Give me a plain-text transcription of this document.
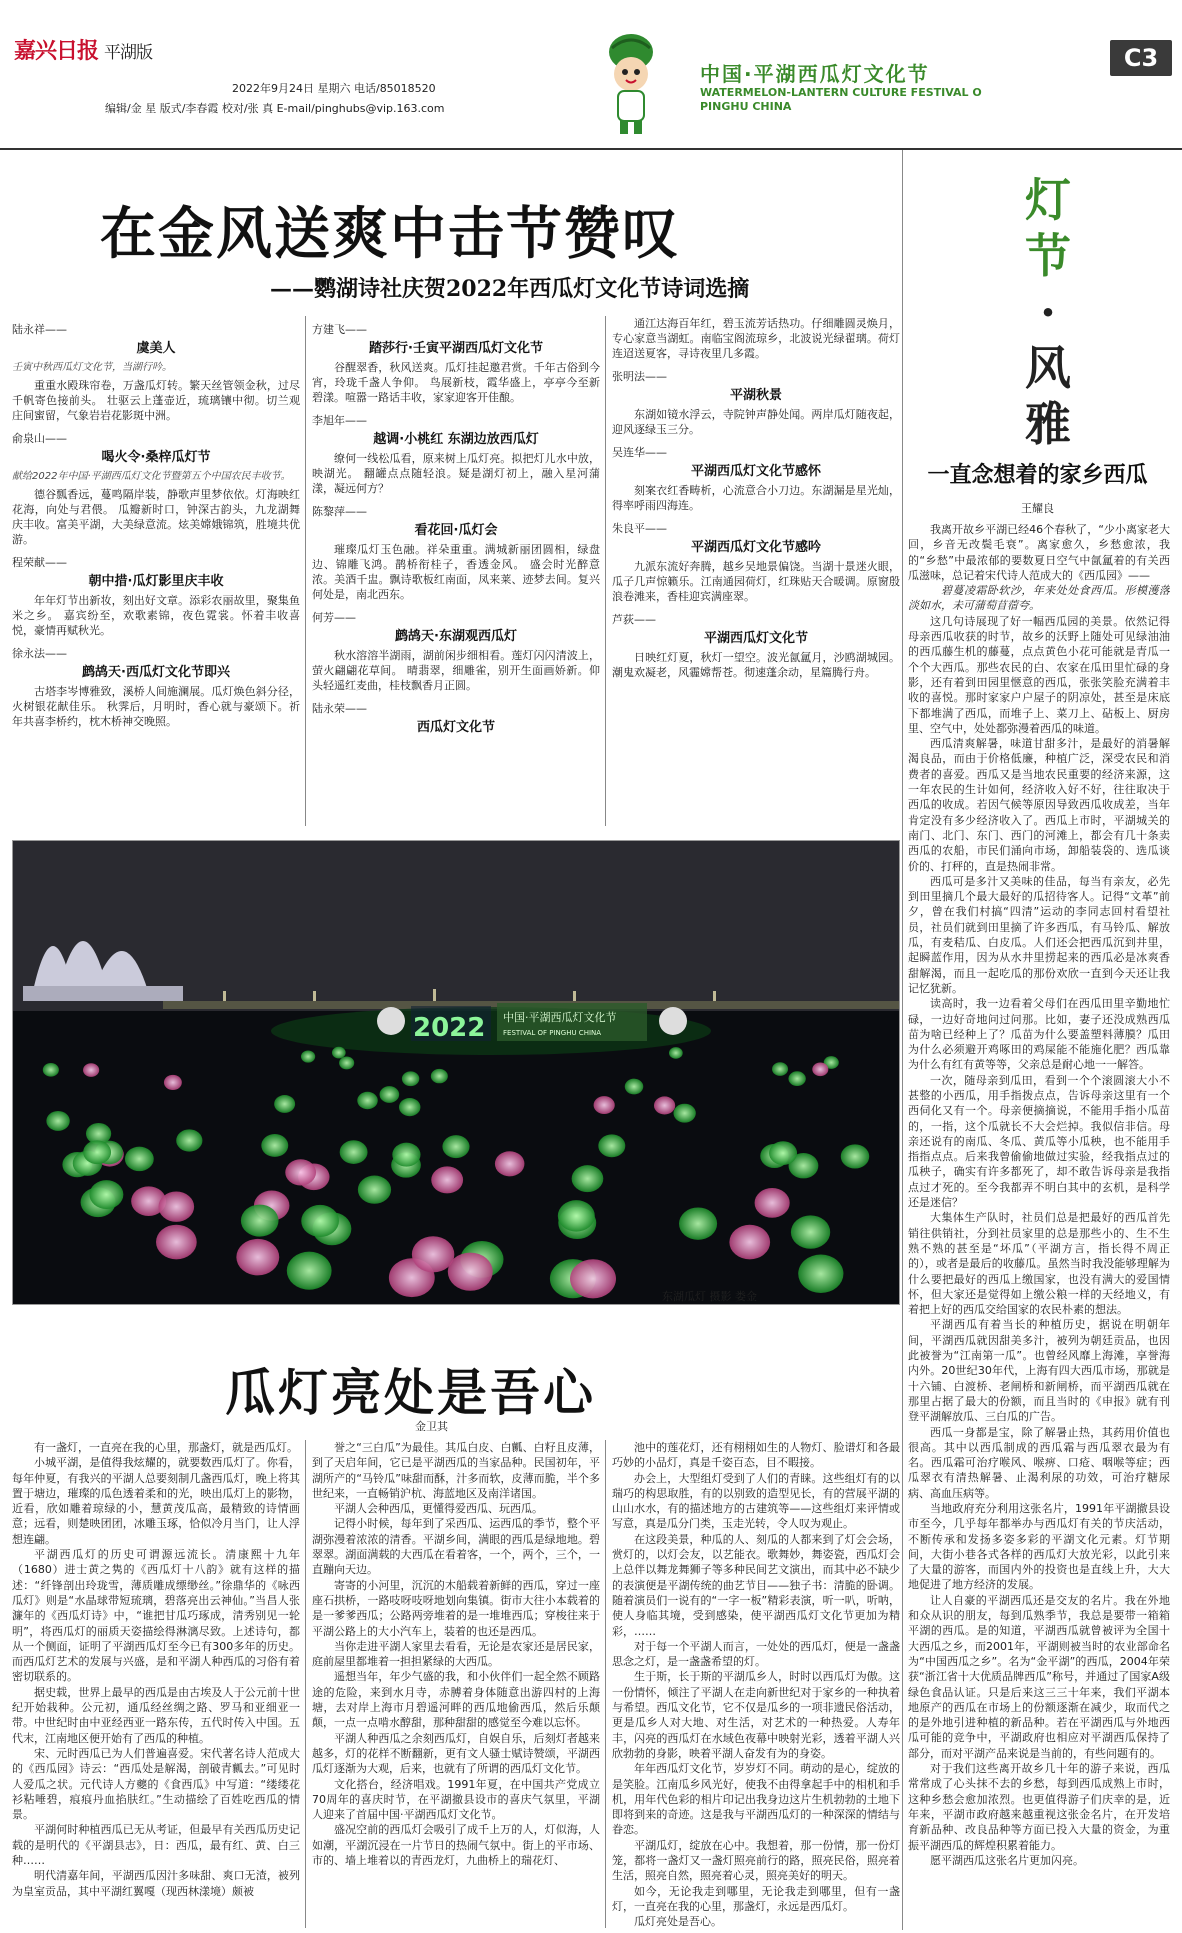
嘉兴日报 平湖版
2022年9月24日 星期六 电话/85018520
编辑/金 星 版式/李春霞 校对/张 真 E-mail/pinghubs@vip.163.com
中国·平湖西瓜灯文化节
WATERMELON-LANTERN CULTURE FESTIVAL O
PINGHU CHINA
C3
在金风送爽中击节赞叹
——鹦湖诗社庆贺2022年西瓜灯文化节诗词选摘
灯
节
·
风
雅
陆永祥——
虞美人
壬寅中秋西瓜灯文化节，当湖行吟。
重重水殿珠帘卷，万盏瓜灯转。繁天丝管领金秋，过尽千帆寄色接前头。 壮驱云上蓬壶近，琉璃镶中彻。切兰观庄间蜜留，气象岩岩花影斑中洲。
俞泉山——
喝火令·桑梓瓜灯节
献给2022年中国·平湖西瓜灯文化节暨第五个中国农民丰收节。
德谷瓢香远，蔓鸣隔岸装，静歌声里梦依依。灯海映红花海，向处与君偎。 瓜瓣新时口，钟深古韵头，九龙湖舞庆丰收。富美平湖，大美绿意流。炫美嫦娥锦筑，胜境共优游。
程荣献——
朝中措·瓜灯影里庆丰收
年年灯节出新妆，刻出好文章。添彩农丽故里，聚集鱼米之乡。 嘉宾纷至，欢歌素锦，夜色霓裳。怀着丰收喜悦，豪情再赋秋光。
徐永法——
鹧鸪天·西瓜灯文化节即兴
古塔李岑博雅致，溪桥人间施澜展。瓜灯焕色斜分径，火树银花献佳乐。 秋霁后，月明时，香心就与豪颂下。祈年共喜李桥约，枕木桥神交晚照。
方建飞——
踏莎行·壬寅平湖西瓜灯文化节
谷醒翠香，秋风送爽。瓜灯挂起邀君赏。千年古俗到今宵，玲珑千盏人争仰。 鸟展新枝，霞华盛上，亭亭今至新碧漾。喧嚣一路话丰收，家家迎客开佳酿。
李旭年——
越调·小桃红 东湖边放西瓜灯
缭何一线松瓜看，原来树上瓜灯亮。拟把灯儿水中放，映湖光。 翻罐点点随轻浪。疑是湖灯初上，融入星河蒲漾，凝远何方？
陈黎萍——
看花回·瓜灯会
璀璨瓜灯玉色融。祥朵重重。满城新丽团圆相，绿盘边、锦雕飞鸿。鹊桥衔桂子，香透金风。 盛会时光醉意浓。美酒千盅。飘诗歌板红南面，凤来莱、迹梦去间。复兴何处是，南北西东。
何芳——
鹧鸪天·东湖观西瓜灯
秋水溶溶半湖雨，湖前闲步细相看。莲灯闪闪清波上，萤火翩翩花草间。 晴翡翠，细雕雀，别开生面画娇新。仰头轻遥红麦曲，桂枝飘香月正圆。
陆永荣——
西瓜灯文化节
通江达海百年红，碧玉流芳话热功。仔细雕圆灵焕月，专心家意当湖虹。南临宝阁流琼乡，北波说光绿翟璃。荷灯连迢送夏客，寻诗夜里几多霞。
张明法——
平湖秋景
东湖如镜水浮云，寺院钟声静处闻。两岸瓜灯随夜起，迎风逐绿玉三分。
吴连华——
平湖西瓜灯文化节感怀
刻案衣红香畴析，心流意合小刀边。东湖漏是星光灿，得率呼雨四海连。
朱良平——
平湖西瓜灯文化节感吟
九派东流好奔腾，越乡吴地景偏饶。当湖十景迷火眼，瓜子几声惊籁乐。江南通园荷灯，红珠贴天合暖调。原窗殷浪卷滩来，香桂迎宾满座翠。
芦荻——
平湖西瓜灯文化节
日映红灯夏，秋灯一望空。波光氤氲月，沙鸥湖城园。潮鬼欢凝老，风霾嫦帮苍。彻速蓬余动，星篇腾行舟。
2022 中国·平湖西瓜灯文化节
FESTIVAL OF PINGHU CHINA
东湖瓜灯 摄影 娄金
一直念想着的家乡西瓜
王耀良

我离开故乡平湖已经46个春秋了，“少小离家老大回，乡音无改鬓毛衰”。离家愈久，乡愁愈浓，我的“乡愁”中最浓郁的要数夏日空气中氤氲着的有关西瓜滋味，总记着宋代诗人范成大的《西瓜园》——

碧蔓凌霜卧软沙，年来处处食西瓜。形模濩落淡如水，未可蒲萄苜蓿夸。

这几句诗展现了好一幅西瓜园的美景。依然记得母亲西瓜收获的时节，故乡的沃野上随处可见绿油油的西瓜藤生机的藤蔓，点点黄色小花可能就是青瓜一个个大西瓜。那些农民的白、农家在瓜田里忙碌的身影，还有着到田园里惬意的西瓜，张张笑脸充满着丰收的喜悦。那时家家户户屋子的阴凉处，甚至是床底下都堆满了西瓜，而堆子上、菜刀上、砧板上、厨房里、空气中，处处都弥漫着西瓜的味道。

西瓜清爽解暑，味道甘甜多汁，是最好的消暑解渴良品，而由于价格低廉，种植广泛，深受农民和消费者的喜爱。西瓜又是当地农民重要的经济来源，这一年农民的生计如何，经济收入好不好，往往取决于西瓜的收成。若因气候等原因导致西瓜收成差，当年肯定没有多少经济收入了。西瓜上市时，平湖城关的南门、北门、东门、西门的河滩上，都会有几十条卖西瓜的农船，市民们涌向市场，卸船装袋的、选瓜谈价的、打秤的，直是热闹非常。

西瓜可是多汁又美味的佳品，每当有亲友，必先到田里摘几个最大最好的瓜招待客人。记得“文革”前夕，曾在我们村搞“四清”运动的李同志回村看望社员，社员们就到田里摘了许多西瓜，有马铃瓜、解放瓜，有麦秸瓜、白皮瓜。人们还会把西瓜沉到井里，起瞬蓝作用，因为从水井里捞起来的西瓜必是冰爽香甜解渴，而且一起吃瓜的那份欢欣一直到今天还让我记忆犹新。

读高时，我一边看着父母们在西瓜田里辛勤地忙碌，一边好奇地问过问那。比如，妻子还没成熟西瓜苗为啥已经种上了？瓜苗为什么要盖塑料薄膜？瓜田为什么必须避开鸡啄田的鸡屎能不能施化肥？西瓜靠为什么有红有黄等等，父亲总是耐心地一一解答。

一次，随母亲到瓜田，看到一个个滚圆滚大小不甚整的小西瓜，用手指拨点点，告诉母亲这里有一个西伺化又有一个。母亲便摘摘说，不能用手指小瓜苗的，一指，这个瓜就长不大会烂掉。我似信非信。母亲还说有的南瓜、冬瓜、黄瓜等小瓜秧，也不能用手指指点点。后来我曾偷偷地做过实验，经我指点过的瓜秧子，确实有许多都死了，却不敢告诉母亲是我指点过才死的。至今我都弄不明白其中的玄机，是科学还是迷信？

大集体生产队时，社员们总是把最好的西瓜首先销往供销社，分到社员家里的总是那些小的、生不生熟不熟的甚至是“坏瓜”（平湖方言，指长得不周正的），或者是最后的收藤瓜。虽然当时我没能够理解为什么要把最好的西瓜上缴国家，也没有满大的爱国情怀，但大家还是觉得如上缴公粮一样的天经地义，有着把上好的西瓜交给国家的农民朴素的想法。

平湖西瓜有着当长的种植历史，据说在明朝年间，平湖西瓜就因甜美多汁，被列为朝廷贡品，也因此被誉为“江南第一瓜”。也曾经风靡上海滩，享誉海内外。20世纪30年代，上海有四大西瓜市场，那就是十六铺、白渡桥、老闸桥和新闸桥，而平湖西瓜就在那里占据了最大的份额，而且当时的《申报》就有刊登平湖解放瓜、三白瓜的广告。

西瓜一身都是宝，除了解暑止热，其药用价值也很高。其中以西瓜制成的西瓜霜与西瓜翠衣最为有名。西瓜霜可治疗喉风、喉痹、口疮、咽喉等症；西瓜翠衣有清热解暑、止渴利尿的功效，可治疗糖尿病、高血压病等。

当地政府充分利用这张名片，1991年平湖撤县设市至今，几乎每年都举办与西瓜灯有关的节庆活动，不断传承和发扬多姿多彩的平湖文化元素。灯节期间，大街小巷各式各样的西瓜灯大放光彩，以此引来了大量的游客，而国内外的投资也是直线上升，大大地促进了地方经济的发展。

让人自豪的平湖西瓜还是交友的名片。我在外地和众从识的朋友，每到瓜熟季节，我总是要带一箱箱平湖的西瓜。是的知道，平湖西瓜就曾被评为全国十大西瓜之乡，而2001年，平湖则被当时的农业部命名为“中国西瓜之乡”。名为“金平湖”的西瓜，2004年荣获“浙江省十大优质品牌西瓜”称号，并通过了国家A级绿色食品认证。只是后来这三三十年来，我们平湖本地原产的西瓜在市场上的份额逐渐在减少，取而代之的是外地引进种植的新品种。若在平湖西瓜与外地西瓜可能的竞争中，平湖政府也相应对平湖西瓜保持了部分，而对平湖产品来说是当前的，有些问题有的。

对于我们这些离开故乡几十年的游子来说，西瓜常常成了心头抹不去的乡愁，每到西瓜成熟上市时，这种乡愁会愈加浓烈。也更值得游子们庆幸的是，近年来，平湖市政府越来越重视这张金名片，在开发培育新品种、改良品种等方面已投入大量的资金，为重振平湖西瓜的辉煌积累着能力。

愿平湖西瓜这张名片更加闪亮。

瓜灯亮处是吾心
金卫其

有一盏灯，一直亮在我的心里，那盏灯，就是西瓜灯。

小城平湖，是值得我炫耀的，就要数西瓜灯了。你看，每年仲夏，有我兴的平湖人总要刻制几盏西瓜灯，晚上将其置于塘边，璀璨的瓜色透着柔和的光，映出瓜灯上的影物，近看，欣如雕着琼绿的小，慧黄茂瓜高，最精致的诗情画意；远看，则楚映团团，冰雕玉琢，恰似冷月当门，让人浮想连翩。

平湖西瓜灯的历史可谓源远流长。清康熙十九年（1680）进士黄之隽的《西瓜灯十八韵》就有这样的描述：“纤锋剖出玲珑雪，薄质雕成缥缈丝。”徐鼎华的《咏西瓜灯》则是“水晶球带短琉璃，碧落亮出云神仙。”当昌人张濂年的《西瓜灯诗》中，“谁把甘瓜巧琢成，清秀别见一轮明”，将西瓜灯的丽质天姿描绘得淋漓尽致。上述诗句，都从一个侧面，证明了平湖西瓜灯至今已有300多年的历史。而西瓜灯艺术的发展与兴盛，是和平湖人种西瓜的习俗有着密切联系的。

据史载，世界上最早的西瓜是由古埃及人于公元前十世纪开始栽种。公元初，通瓜经丝绸之路、罗马和亚细亚一带。中世纪时由中亚经西亚一路东传，五代时传入中国。五代末，江南地区便开始有了西瓜的种植。

宋、元时西瓜已为人们普遍喜爱。宋代著名诗人范成大的《西瓜园》诗云：“西瓜处是解渴，剖破青瓤去。”可见时人爱瓜之状。元代诗人方夔的《食西瓜》中写道：“缕缕花衫粘唾碧，痕痕丹血掐肤红。”生动描绘了百姓吃西瓜的情景。

平湖何时种植西瓜已无从考证，但最早有关西瓜历史记载的是明代的《平湖县志》，日：西瓜，最有红、黄、白三种……

明代清嘉年间，平湖西瓜因汁多味甜、爽口无渣，被列为皇室贡品，其中平湖红翼嘎（现西林漾境）颇被

誉之“三白瓜”为最佳。其瓜白皮、白瓤、白籽且皮薄，到了天启年间，它已是平湖西瓜的当家品种。民国初年，平湖所产的“马铃瓜”味甜而酥，汁多而软，皮薄而脆，半个多世纪来，一直畅销沪杭、海蓝地区及南洋诸国。

平湖人会种西瓜，更懂得爱西瓜、玩西瓜。

记得小时候，每年到了采西瓜、运西瓜的季节，整个平湖弥漫着浓浓的清香。平湖乡间，满眼的西瓜是绿地地。碧翠翠。湖面满载的大西瓜在看着客，一个，两个，三个，一直蹦向天边。

寄寄的小河里，沉沉的木船载着新鲜的西瓜，穿过一座座石拱桥，一路吱呀吱呀地划向集镇。街市大往小本载着的是一爹爹西瓜；公路两旁堆着的是一堆堆西瓜；穿梭往来于平湖公路上的大小汽车上，装着的也还是西瓜。

当你走进平湖人家里去看看，无论是农家还是居民家，庭前屋里都堆着一担担紧绿的大西瓜。

遥想当年，年少气盛的我，和小伙伴们一起全然不顾路途的危险，来到水月寺，赤膊着身体随意出游四村的上海塘，去对岸上海市月碧遥河畔的西瓜地偷西瓜，然后乐颠颠，一点一点啃水醇甜，那种甜甜的感觉至今难以忘怀。

平湖人种西瓜之余刻西瓜灯，自娱自乐，后刻灯者越来越多，灯的花样不断翻新，更有文人骚士赋诗赞颂，平湖西瓜灯逐渐为大观，后来，也就有了所谓的西瓜灯文化节。

文化搭台，经济唱戏。1991年夏，在中国共产党成立70周年的喜庆时节，在平湖撤县设市的喜庆气氛里，平湖人迎来了首届中国·平湖西瓜灯文化节。

盛况空前的西瓜灯会吸引了成千上万的人，灯似海，人如潮，平湖沉浸在一片节日的热闹气氛中。街上的平市场、市的、墙上堆着以的青西龙灯，九曲桥上的瑞花灯、

池中的莲花灯，还有栩栩如生的人物灯、脸谱灯和各最巧妙的小品灯，真是千姿百态，目不暇接。

办会上，大型组灯受到了人们的青睐。这些组灯有的以瑞巧的构思取胜，有的以别致的造型见长，有的营展平湖的山山水水，有的描述地方的古建筑等——这些组灯来评情或写意，真是瓜分门类，玉走光转，令人叹为观止。

在这段美景，种瓜的人、刻瓜的人都来到了灯会会场，赏灯的，以灯会友，以艺能衣。歌舞妙，舞姿瓷，西瓜灯会上总伴以舞龙舞狮子等多种民间艺文演出，而其中必不缺少的表演便是平湖传统的曲艺节目——独子书：清脆的卧调。随着演员们一说有的“一字一板”精彩表演，听一叭，听呐，使人身临其境，受到感染，使平湖西瓜灯文化节更加为精彩，……

对于每一个平湖人而言，一处处的西瓜灯，便是一盏盏思念之灯，是一盏盏希望的灯。

生于斯，长于斯的平湖瓜乡人，时时以西瓜灯为傲。这一份情怀，倾注了平湖人在走向新世纪对于家乡的一种执着与希望。西瓜文化节，它不仅是瓜乡的一项非遗民俗活动，更是瓜乡人对大地、对生活，对艺术的一种热爱。人寿年丰，闪亮的西瓜灯在水域色夜幕中映射光彩，透着平湖人兴欣勃勃的身影，映着平湖人奋发有为的身姿。

年年西瓜灯文化节，岁岁灯不同。萌动的是心，绽放的是笑脸。江南瓜乡风光好，使我不由得拿起手中的相机和手机，用年代色彩的相片印记出我身边这片生机勃勃的土地下即将到来的奇迹。这是我与平湖西瓜灯的一种深深的情结与眷恋。

平湖瓜灯，绽放在心中。我想着，那一份情，那一份灯笼，都将一盏灯又一盏灯照亮前行的路，照亮民俗，照亮着生活，照亮自然，照亮着心灵，照亮美好的明天。

如今，无论我走到哪里，无论我走到哪里，但有一盏灯，一直亮在我的心里，那盏灯，永远是西瓜灯。

瓜灯亮处是吾心。
